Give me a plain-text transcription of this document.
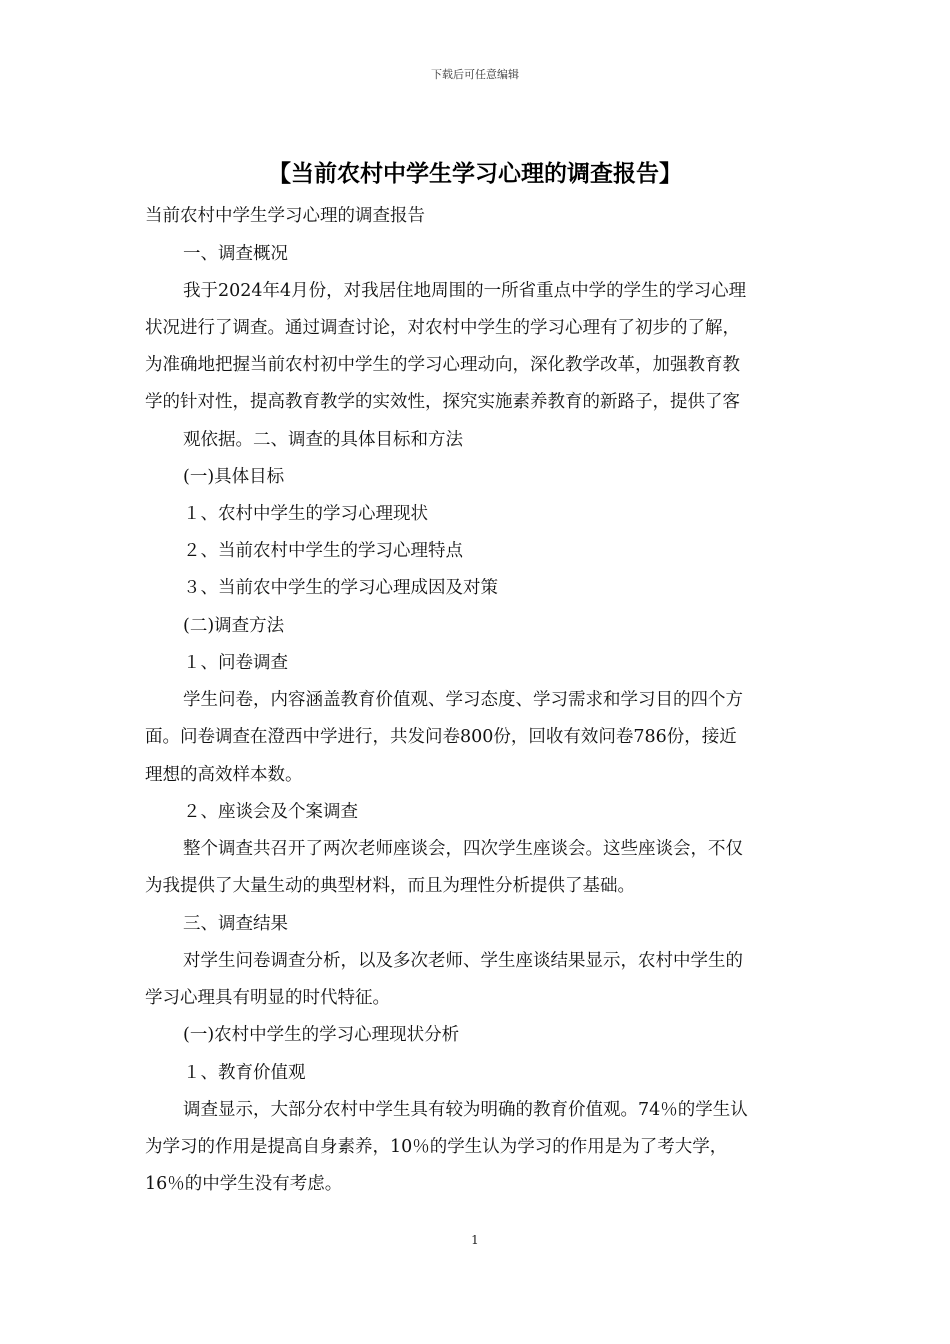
下载后可任意编辑
【当前农村中学生学习心理的调查报告】
当前农村中学生学习心理的调查报告
一、调查概况
我于2024年4月份，对我居住地周围的一所省重点中学的学生的学习心理
状况进行了调查。通过调查讨论，对农村中学生的学习心理有了初步的了解，
为准确地把握当前农村初中学生的学习心理动向，深化教学改革，加强教育教
学的针对性，提高教育教学的实效性，探究实施素养教育的新路子，提供了客
观依据。二、调查的具体目标和方法
(一)具体目标
１、农村中学生的学习心理现状
２、当前农村中学生的学习心理特点
３、当前农中学生的学习心理成因及对策
(二)调查方法
１、问卷调查
学生问卷，内容涵盖教育价值观、学习态度、学习需求和学习目的四个方
面。问卷调查在澄西中学进行，共发问卷800份，回收有效问卷786份，接近
理想的高效样本数。
２、座谈会及个案调查
整个调查共召开了两次老师座谈会，四次学生座谈会。这些座谈会，不仅
为我提供了大量生动的典型材料，而且为理性分析提供了基础。
三、调查结果
对学生问卷调查分析，以及多次老师、学生座谈结果显示，农村中学生的
学习心理具有明显的时代特征。
(一)农村中学生的学习心理现状分析
１、教育价值观
调查显示，大部分农村中学生具有较为明确的教育价值观。74％的学生认
为学习的作用是提高自身素养，10％的学生认为学习的作用是为了考大学，
16％的中学生没有考虑。
1
